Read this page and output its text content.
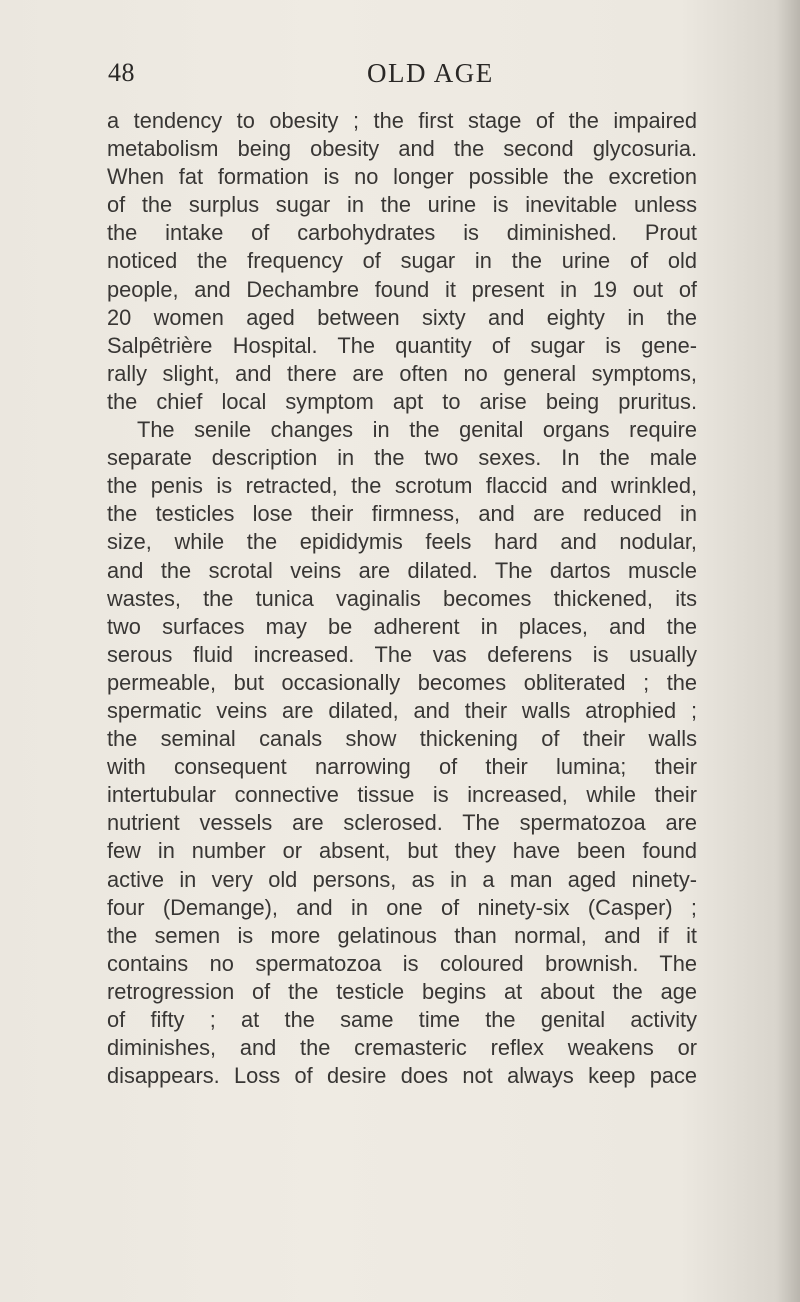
48	OLD AGE
a tendency to obesity ; the first stage of the impaired
metabolism being obesity and the second glycosuria.
When fat formation is no longer possible the excretion
of the surplus sugar in the urine is inevitable unless
the intake of carbohydrates is diminished. Prout
noticed the frequency of sugar in the urine of old
people, and Dechambre found it present in 19 out of
20 women aged between sixty and eighty in the
Salpêtrière Hospital. The quantity of sugar is gene-
rally slight, and there are often no general symptoms,
the chief local symptom apt to arise being pruritus.
The senile changes in the genital organs require
separate description in the two sexes. In the male
the penis is retracted, the scrotum flaccid and wrinkled,
the testicles lose their firmness, and are reduced in
size, while the epididymis feels hard and nodular,
and the scrotal veins are dilated. The dartos muscle
wastes, the tunica vaginalis becomes thickened, its
two surfaces may be adherent in places, and the
serous fluid increased. The vas deferens is usually
permeable, but occasionally becomes obliterated ; the
spermatic veins are dilated, and their walls atrophied ;
the seminal canals show thickening of their walls
with consequent narrowing of their lumina; their
intertubular connective tissue is increased, while their
nutrient vessels are sclerosed. The spermatozoa are
few in number or absent, but they have been found
active in very old persons, as in a man aged ninety-
four (Demange), and in one of ninety-six (Casper) ;
the semen is more gelatinous than normal, and if it
contains no spermatozoa is coloured brownish. The
retrogression of the testicle begins at about the age
of fifty ; at the same time the genital activity
diminishes, and the cremasteric reflex weakens or
disappears. Loss of desire does not always keep pace
